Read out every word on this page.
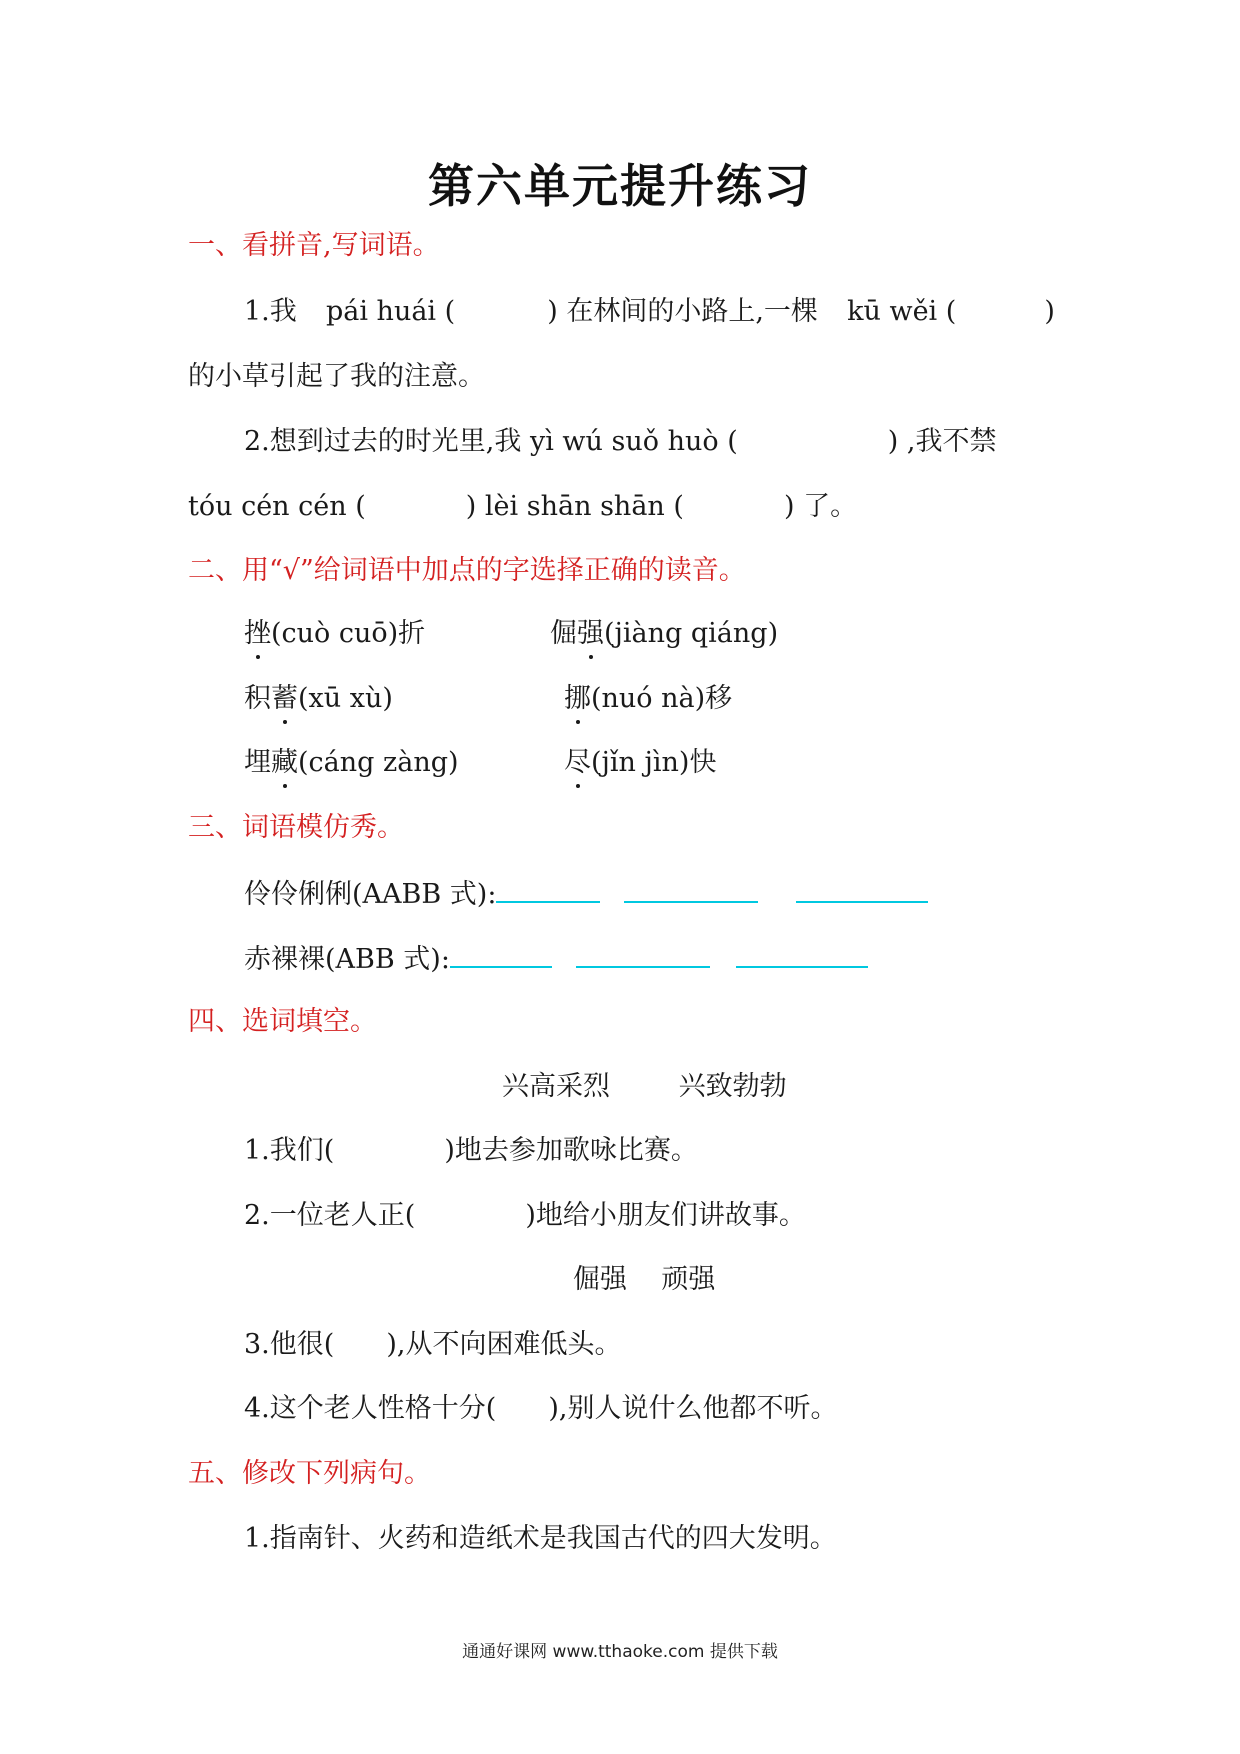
第六单元提升练习
一、看拼音,写词语。
1.我 pái huái (	) 在林间的小路上,一棵 kū wěi (	)
的小草引起了我的注意。
2.想到过去的时光里,我 yì wú suǒ huò (	) ,我不禁
tóu cén cén (	) lèi shān shān (	) 了。
二、用“√”给词语中加点的字选择正确的读音。
挫(cuò cuō)折	倔强(jiàng qiáng)
积蓄(xū xù)	挪(nuó nà)移
埋藏(cáng zàng)	尽(jǐn jìn)快
三、词语模仿秀。
伶伶俐俐(AABB 式):
赤裸裸(ABB 式):
四、选词填空。
兴高采烈        兴致勃勃
1.我们(	)地去参加歌咏比赛。
2.一位老人正(	)地给小朋友们讲故事。
倔强    顽强
3.他很( ),从不向困难低头。
4.这个老人性格十分( ),别人说什么他都不听。
五、修改下列病句。
1.指南针、火药和造纸术是我国古代的四大发明。
通通好课网 www.tthaoke.com 提供下载
